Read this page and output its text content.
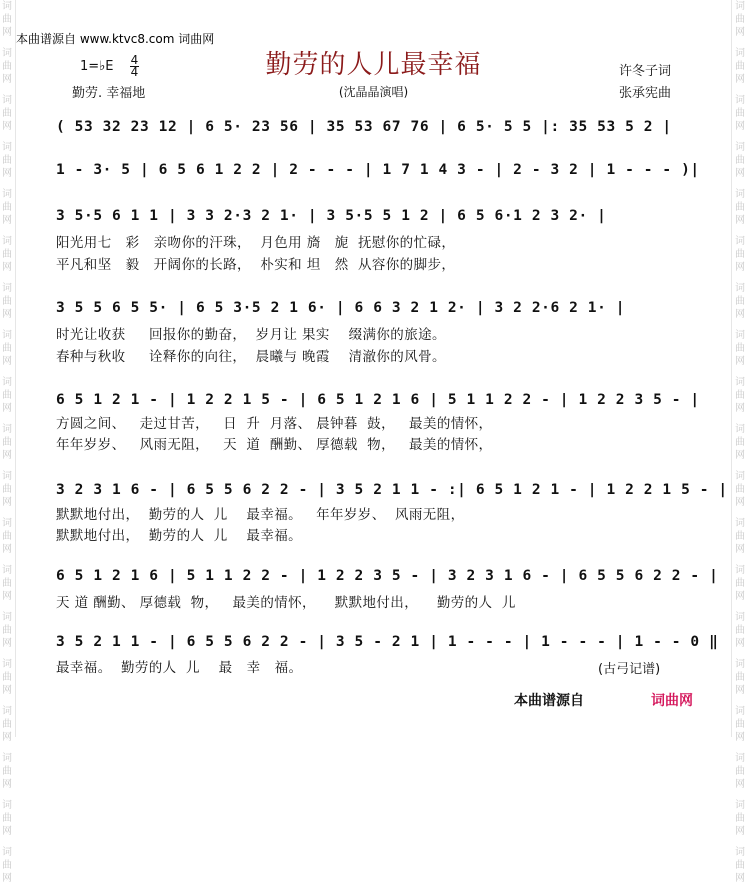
词
曲
网
词
曲
网
词
曲
网
词
曲
网
词
曲
网
词
曲
网
词
曲
网
词
曲
网
词
曲
网
词
曲
网
词
曲
网
词
曲
网
词
曲
网
词
曲
网
词
曲
网
词
曲
网
词
曲
网
词
曲
网
词
曲
网
词
曲
网
词
曲
网
词
曲
网
词
曲
网
词
曲
网
词
曲
网
词
曲
网
词
曲
网
词
曲
网
词
曲
网
词
曲
网
词
曲
网
词
曲
网
词
曲
网
词
曲
网
词
曲
网
词
曲
网
词
曲
网
词
曲
网
本曲谱源自 www.ktvc8.com 词曲网
勤劳的人儿最幸福
1=♭E 4
4
勤劳. 幸福地	(沈晶晶演唱)
许冬子词
张承宪曲
( 53 32 23 12 | 6 5· 23 56 | 35 53 67 76 | 6 5· 5 5 |: 35 53 5 2 |
1 - 3· 5 | 6 5 6 1 2 2 | 2 - - - | 1 7 1 4 3 - | 2 - 3 2 | 1 - - - )|
3 5·5 6 1 1 | 3 3 2·3 2 1· | 3 5·5 5 1 2 | 6 5 6·1 2 3 2· |
阳光用七   彩   亲吻你的汗珠，  月色用 旖   旎  抚慰你的忙碌，
平凡和坚   毅   开阔你的长路，  朴实和 坦   然  从容你的脚步，
3 5 5 6 5 5· | 6 5 3·5 2 1 6· | 6 6 3 2 1 2· | 3 2 2·6 2 1· |
时光让收获     回报你的勤奋，  岁月让 果实    缀满你的旅途。
春种与秋收     诠释你的向往，  晨曦与 晚霞    清澈你的风骨。
6 5 1 2 1 - | 1 2 2 1 5 - | 6 5 1 2 1 6 | 5 1 1 2 2 - | 1 2 2 3 5 - |
方圆之间、   走过甘苦，   日  升  月落、 晨钟暮  鼓，   最美的情怀，
年年岁岁、   风雨无阻，   天  道  酬勤、 厚德载  物，   最美的情怀，
3 2 3 1 6 - | 6 5 5 6 2 2 - | 3 5 2 1 1 - :| 6 5 1 2 1 - | 1 2 2 1 5 - |
默默地付出，  勤劳的人  儿    最幸福。   年年岁岁、  风雨无阻，
默默地付出，  勤劳的人  儿    最幸福。
6 5 1 2 1 6 | 5 1 1 2 2 - | 1 2 2 3 5 - | 3 2 3 1 6 - | 6 5 5 6 2 2 - |
天 道 酬勤、 厚德载  物，   最美的情怀，    默默地付出，    勤劳的人  儿
3 5 2 1 1 - | 6 5 5 6 2 2 - | 3 5 - 2 1 | 1 - - - | 1 - - - | 1 - - 0 ‖
最幸福。  勤劳的人  儿    最   幸   福。	(古弓记谱)
本曲谱源自	词曲网
